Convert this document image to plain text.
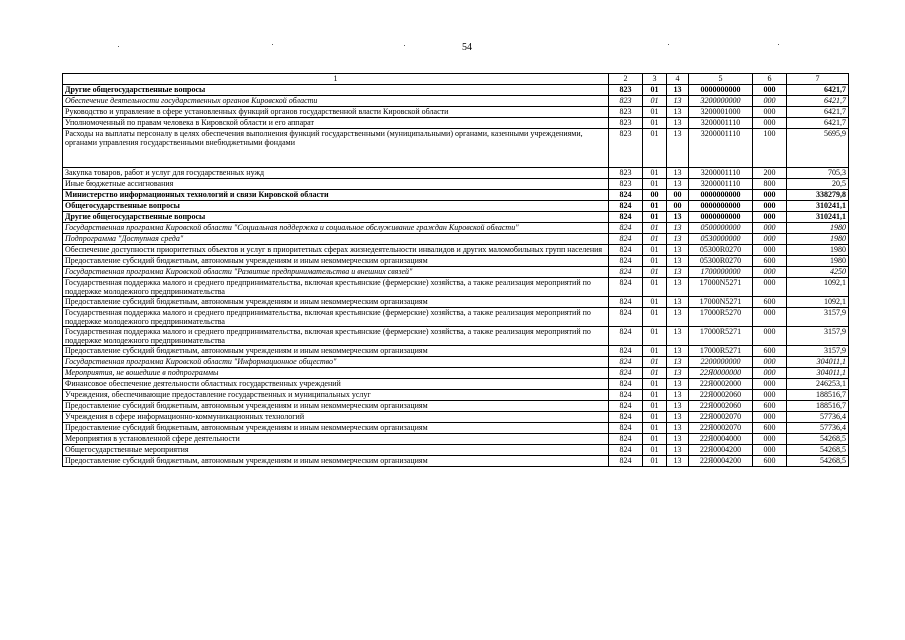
54
1	2	3	4	5	6	7
Другие общегосударственные вопросы	823	01	13	0000000000	000	6421,7
Обеспечение деятельности государственных органов Кировской области	823	01	13	3200000000	000	6421,7
Руководство и управление в сфере установленных функций органов государственной власти Кировской области	823	01	13	3200001000	000	6421,7
Уполномоченный по правам человека в Кировской области и его аппарат	823	01	13	3200001110	000	6421,7
Расходы на выплаты персоналу в целях обеспечения выполнения функций государственными (муниципальными) органами, казенными учреждениями, органами управления государственными внебюджетными фондами	823	01	13	3200001110	100	5695,9
Закупка товаров, работ и услуг для государственных нужд	823	01	13	3200001110	200	705,3
Иные бюджетные ассигнования	823	01	13	3200001110	800	20,5
Министерство информационных технологий и связи Кировской области	824	00	00	0000000000	000	338279,8
Общегосударственные вопросы	824	01	00	0000000000	000	310241,1
Другие общегосударственные вопросы	824	01	13	0000000000	000	310241,1
Государственная программа Кировской области "Социальная поддержка и социальное обслуживание граждан Кировской области"	824	01	13	0500000000	000	1980
Подпрограмма "Доступная среда"	824	01	13	0530000000	000	1980
Обеспечение доступности приоритетных объектов и услуг в приоритетных сферах жизнедеятельности инвалидов и других маломобильных групп населения	824	01	13	05300R0270	000	1980
Предоставление субсидий бюджетным, автономным учреждениям и иным некоммерческим организациям	824	01	13	05300R0270	600	1980
Государственная программа Кировской области "Развитие предпринимательства и внешних связей"	824	01	13	1700000000	000	4250
Государственная поддержка малого и среднего предпринимательства, включая крестьянские (фермерские) хозяйства, а также реализация мероприятий по поддержке молодежного предпринимательства	824	01	13	17000N5271	000	1092,1
Предоставление субсидий бюджетным, автономным учреждениям и иным некоммерческим организациям	824	01	13	17000N5271	600	1092,1
Государственная поддержка малого и среднего предпринимательства, включая крестьянские (фермерские) хозяйства, а также реализация мероприятий по поддержке молодежного предпринимательства	824	01	13	17000R5270	000	3157,9
Государственная поддержка малого и среднего предпринимательства, включая крестьянские (фермерские) хозяйства, а также реализация мероприятий по поддержке молодежного предпринимательства	824	01	13	17000R5271	000	3157,9
Предоставление субсидий бюджетным, автономным учреждениям и иным некоммерческим организациям	824	01	13	17000R5271	600	3157,9
Государственная программа Кировской области "Информационное общество"	824	01	13	2200000000	000	304011,1
Мероприятия, не вошедшие в подпрограммы	824	01	13	22Я0000000	000	304011,1
Финансовое обеспечение деятельности областных государственных учреждений	824	01	13	22Я0002000	000	246253,1
Учреждения, обеспечивающие предоставление государственных и муниципальных услуг	824	01	13	22Я0002060	000	188516,7
Предоставление субсидий бюджетным, автономным учреждениям и иным некоммерческим организациям	824	01	13	22Я0002060	600	188516,7
Учреждения в сфере информационно-коммуникационных технологий	824	01	13	22Я0002070	000	57736,4
Предоставление субсидий бюджетным, автономным учреждениям и иным некоммерческим организациям	824	01	13	22Я0002070	600	57736,4
Мероприятия в установленной сфере деятельности	824	01	13	22Я0004000	000	54268,5
Общегосударственные мероприятия	824	01	13	22Я0004200	000	54268,5
Предоставление субсидий бюджетным, автономным учреждениям и иным некоммерческим организациям	824	01	13	22Я0004200	600	54268,5
